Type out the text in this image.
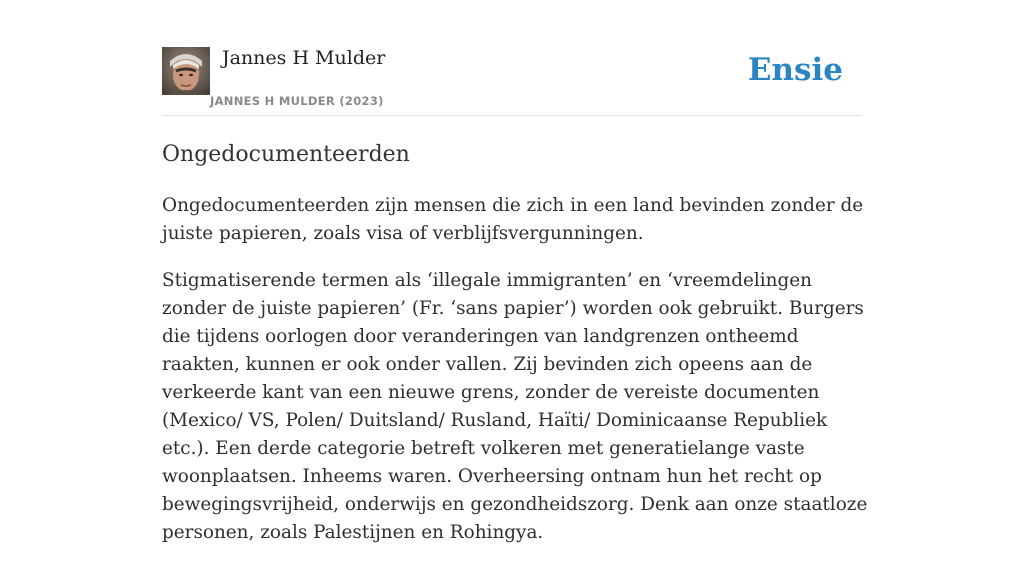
Jannes H Mulder
JANNES H MULDER (2023)
Ensie
Ongedocumenteerden

Ongedocumenteerden zijn mensen die zich in een land bevinden zonder de juiste papieren, zoals visa of verblijfsvergunningen.

Stigmatiserende termen als ‘illegale immigranten’ en ‘vreemdelingen zonder de juiste papieren’ (Fr. ‘sans papier’) worden ook gebruikt. Burgers die tijdens oorlogen door veranderingen van landgrenzen ontheemd raakten, kunnen er ook onder vallen. Zij bevinden zich opeens aan de verkeerde kant van een nieuwe grens, zonder de vereiste documenten (Mexico/ VS, Polen/ Duitsland/ Rusland, Haïti/ Dominicaanse Republiek etc.). Een derde categorie betreft volkeren met generatielange vaste woonplaatsen. Inheems waren. Overheersing ontnam hun het recht op bewegingsvrijheid, onderwijs en gezondheidszorg. Denk aan onze staatloze personen, zoals Palestijnen en Rohingya.
